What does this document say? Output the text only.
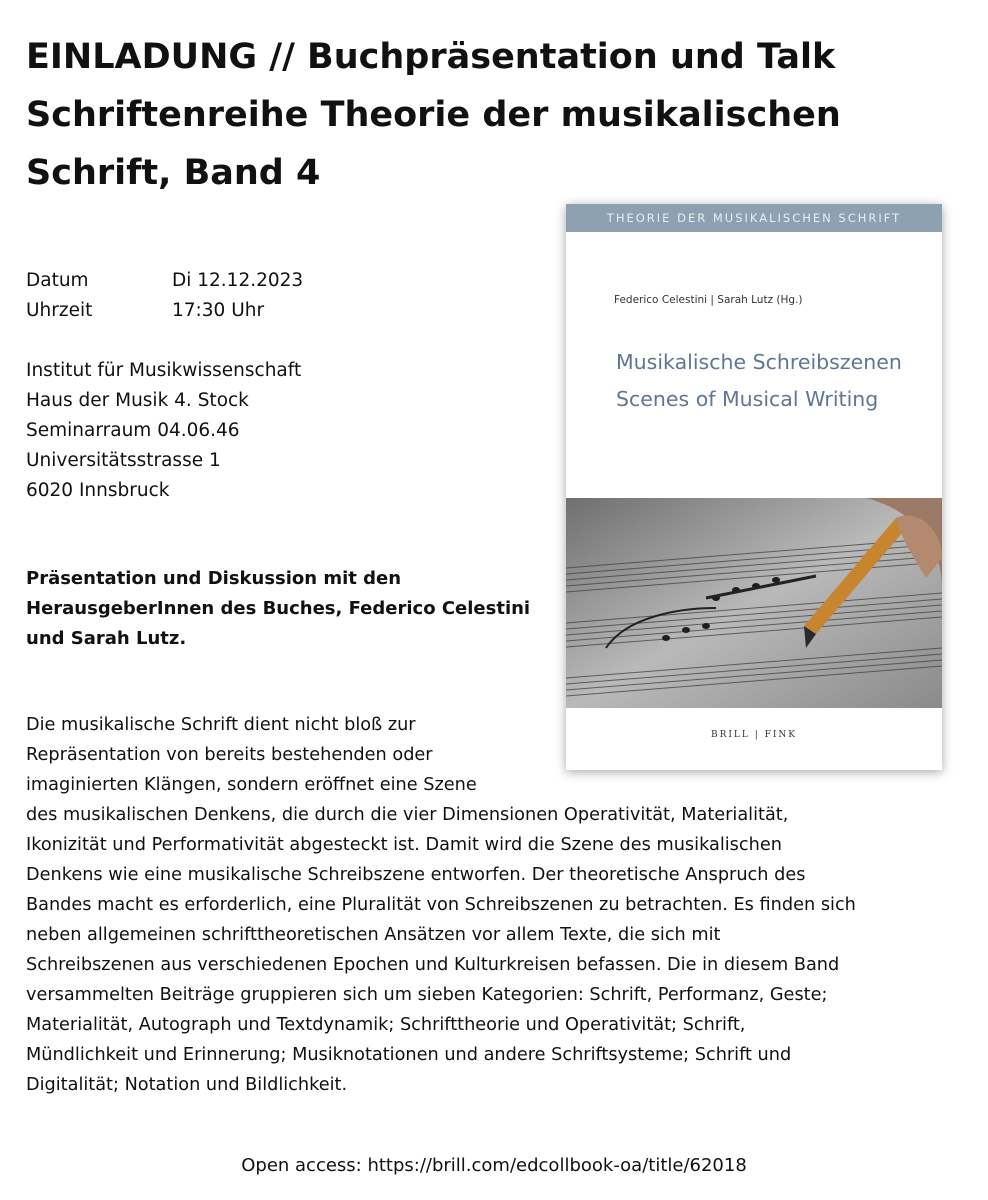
EINLADUNG // Buchpräsentation und Talk
Schriftenreihe Theorie der musikalischen
Schrift, Band 4
Datum	Di 12.12.2023
Uhrzeit	17:30 Uhr
Institut für Musikwissenschaft
Haus der Musik 4. Stock
Seminarraum 04.06.46
Universitätsstrasse 1
6020 Innsbruck
Präsentation und Diskussion mit den
HerausgeberInnen des Buches, Federico Celestini
und Sarah Lutz.
Die musikalische Schrift dient nicht bloß zur
Repräsentation von bereits bestehenden oder
imaginierten Klängen, sondern eröffnet eine Szene
des musikalischen Denkens, die durch die vier Dimensionen Operativität, Materialität,
Ikonizität und Performativität abgesteckt ist. Damit wird die Szene des musikalischen
Denkens wie eine musikalische Schreibszene entworfen. Der theoretische Anspruch des
Bandes macht es erforderlich, eine Pluralität von Schreibszenen zu betrachten. Es finden sich
neben allgemeinen schrifttheoretischen Ansätzen vor allem Texte, die sich mit
Schreibszenen aus verschiedenen Epochen und Kulturkreisen befassen. Die in diesem Band
versammelten Beiträge gruppieren sich um sieben Kategorien: Schrift, Performanz, Geste;
Materialität, Autograph und Textdynamik; Schrifttheorie und Operativität; Schrift,
Mündlichkeit und Erinnerung; Musiknotationen und andere Schriftsysteme; Schrift und
Digitalität; Notation und Bildlichkeit.
Open access: https://brill.com/edcollbook-oa/title/62018
THEORIE DER MUSIKALISCHEN SCHRIFT
Federico Celestini | Sarah Lutz (Hg.)
Musikalische Schreibszenen
Scenes of Musical Writing
BRILL | FINK
